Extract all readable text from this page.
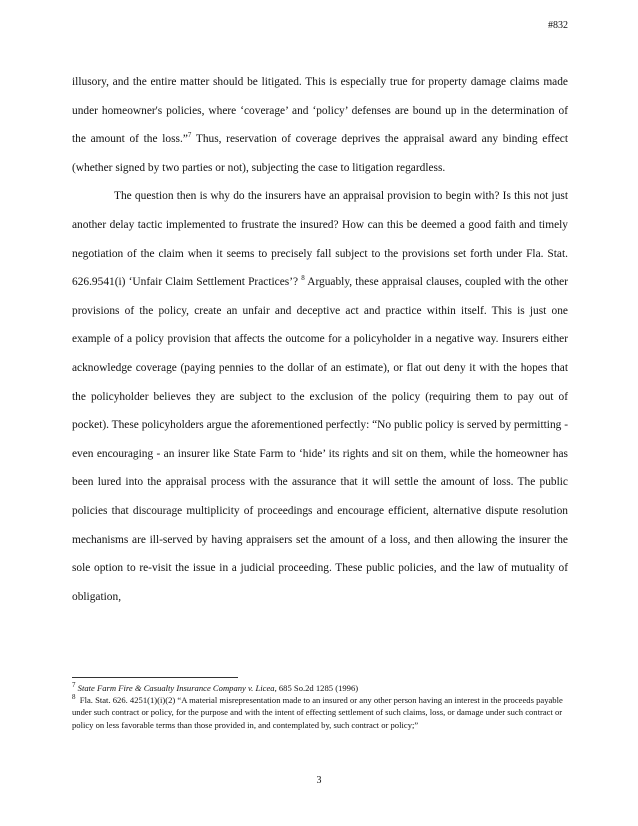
#832

illusory, and the entire matter should be litigated. This is especially true for property damage claims made under homeowner's policies, where ‘coverage’ and ‘policy’ defenses are bound up in the determination of the amount of the loss.”$^7$ Thus, reservation of coverage deprives the appraisal award any binding effect (whether signed by two parties or not), subjecting the case to litigation regardless.

The question then is why do the insurers have an appraisal provision to begin with? Is this not just another delay tactic implemented to frustrate the insured? How can this be deemed a good faith and timely negotiation of the claim when it seems to precisely fall subject to the provisions set forth under Fla. Stat. 626.9541(i) ‘Unfair Claim Settlement Practices’? $^8$ Arguably, these appraisal clauses, coupled with the other provisions of the policy, create an unfair and deceptive act and practice within itself. This is just one example of a policy provision that affects the outcome for a policyholder in a negative way. Insurers either acknowledge coverage (paying pennies to the dollar of an estimate), or flat out deny it with the hopes that the policyholder believes they are subject to the exclusion of the policy (requiring them to pay out of pocket). These policyholders argue the aforementioned perfectly: “No public policy is served by permitting - even encouraging - an insurer like State Farm to ‘hide’ its rights and sit on them, while the homeowner has been lured into the appraisal process with the assurance that it will settle the amount of loss. The public policies that discourage multiplicity of proceedings and encourage efficient, alternative dispute resolution mechanisms are ill-served by having appraisers set the amount of a loss, and then allowing the insurer the sole option to re-visit the issue in a judicial proceeding. These public policies, and the law of mutuality of obligation,

$^7$ State Farm Fire & Casualty Insurance Company v. Licea, 685 So.2d 1285 (1996)

$^8$ Fla. Stat. 626. 4251(1)(i)(2) “A material misrepresentation made to an insured or any other person having an interest in the proceeds payable under such contract or policy, for the purpose and with the intent of effecting settlement of such claims, loss, or damage under such contract or policy on less favorable terms than those provided in, and contemplated by, such contract or policy;”

3
